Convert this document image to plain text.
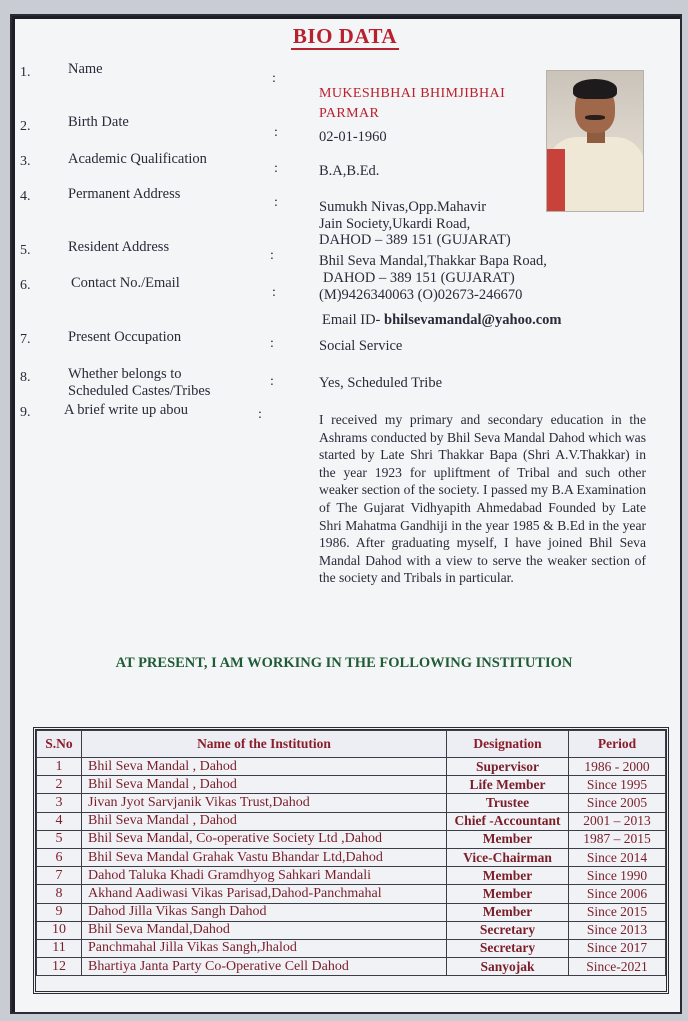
BIO DATA
1.	Name
:
MUKESHBHAI BHIMJIBHAI
PARMAR
2.	Birth Date
:	02-01-1960
3.	Academic Qualification
:	B.A,B.Ed.
4.	Permanent Address
:	Sumukh Nivas,Opp.Mahavir
Jain Society,Ukardi Road,
DAHOD – 389 151 (GUJARAT)
5.	Resident Address
:	Bhil Seva Mandal,Thakkar Bapa Road,
DAHOD – 389 151 (GUJARAT)
6.	Contact No./Email
:	(M)9426340063 (O)02673-246670
Email ID- bhilsevamandal@yahoo.com
7.	Present Occupation	:	Social Service
8.	Whether belongs to
Scheduled Castes/Tribes
:	Yes, Scheduled Tribe
9. A brief write up abou	:	I received my primary and secondary education in the Ashrams conducted by Bhil Seva Mandal Dahod which was started by Late Shri Thakkar Bapa (Shri A.V.Thakkar) in the year 1923 for upliftment of Tribal and such other weaker section of the society. I passed my B.A Examination of The Gujarat Vidhyapith Ahmedabad Founded by Late Shri Mahatma Gandhiji in the year 1985 & B.Ed in the year 1986. After graduating myself, I have joined Bhil Seva Mandal Dahod with a view to serve the weaker section of the society and Tribals in particular.
AT PRESENT, I AM WORKING IN THE FOLLOWING INSTITUTION
S.No	Name of the Institution	Designation	Period
1	Bhil Seva Mandal , Dahod	Supervisor	1986 - 2000
2	Bhil Seva Mandal , Dahod	Life Member	Since 1995
3	Jivan Jyot Sarvjanik Vikas Trust,Dahod	Trustee	Since 2005
4	Bhil Seva Mandal , Dahod	Chief -Accountant	2001 – 2013
5	Bhil Seva Mandal, Co-operative Society Ltd ,Dahod	Member	1987 – 2015
6	Bhil Seva Mandal Grahak Vastu Bhandar Ltd,Dahod	Vice-Chairman	Since 2014
7	Dahod Taluka Khadi Gramdhyog Sahkari Mandali	Member	Since 1990
8	Akhand Aadiwasi Vikas Parisad,Dahod-Panchmahal	Member	Since 2006
9	Dahod Jilla Vikas Sangh Dahod	Member	Since 2015
10	Bhil Seva Mandal,Dahod	Secretary	Since 2013
11	Panchmahal Jilla Vikas Sangh,Jhalod	Secretary	Since 2017
12	Bhartiya Janta Party Co-Operative Cell Dahod	Sanyojak	Since-2021
